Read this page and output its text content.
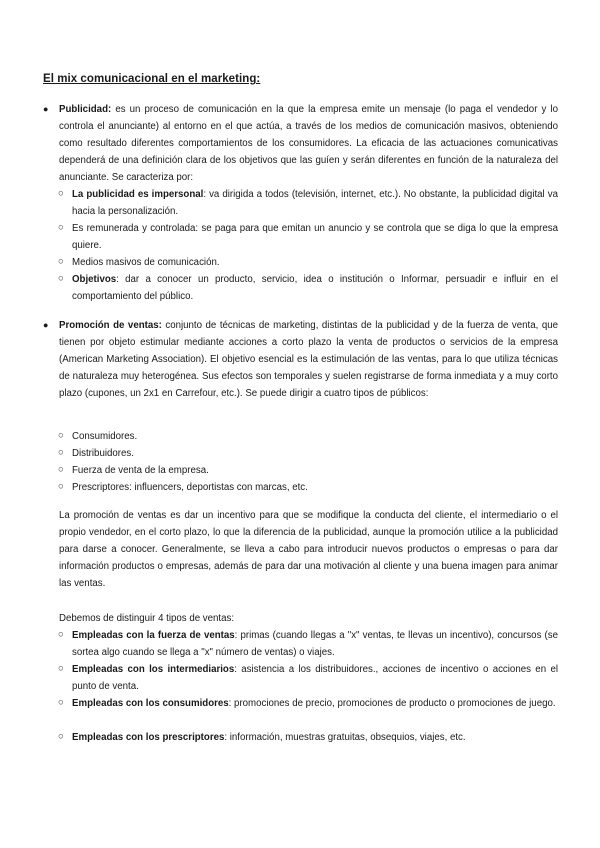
El mix comunicacional en el marketing:
● Publicidad: es un proceso de comunicación en la que la empresa emite un mensaje (lo paga el vendedor y lo controla el anunciante) al entorno en el que actúa, a través de los medios de comunicación masivos, obteniendo como resultado diferentes comportamientos de los consumidores. La eficacia de las actuaciones comunicativas dependerá de una definición clara de los objetivos que las guíen y serán diferentes en función de la naturaleza del anunciante. Se caracteriza por:
○ La publicidad es impersonal: va dirigida a todos (televisión, internet, etc.). No obstante, la publicidad digital va hacia la personalización.
○ Es remunerada y controlada: se paga para que emitan un anuncio y se controla que se diga lo que la empresa quiere.
○ Medios masivos de comunicación.
○ Objetivos: dar a conocer un producto, servicio, idea o institución o Informar, persuadir e influir en el comportamiento del público.
● Promoción de ventas: conjunto de técnicas de marketing, distintas de la publicidad y de la fuerza de venta, que tienen por objeto estimular mediante acciones a corto plazo la venta de productos o servicios de la empresa (American Marketing Association). El objetivo esencial es la estimulación de las ventas, para lo que utiliza técnicas de naturaleza muy heterogénea. Sus efectos son temporales y suelen registrarse de forma inmediata y a muy corto plazo (cupones, un 2x1 en Carrefour, etc.). Se puede dirigir a cuatro tipos de públicos:
○ Consumidores.
○ Distribuidores.
○ Fuerza de venta de la empresa.
○ Prescriptores: influencers, deportistas con marcas, etc.
La promoción de ventas es dar un incentivo para que se modifique la conducta del cliente, el intermediario o el propio vendedor, en el corto plazo, lo que la diferencia de la publicidad, aunque la promoción utilice a la publicidad para darse a conocer. Generalmente, se lleva a cabo para introducir nuevos productos o empresas o para dar información productos o empresas, además de para dar una motivación al cliente y una buena imagen para animar las ventas.
Debemos de distinguir 4 tipos de ventas:
○ Empleadas con la fuerza de ventas: primas (cuando llegas a "x" ventas, te llevas un incentivo), concursos (se sortea algo cuando se llega a "x" número de ventas) o viajes.
○ Empleadas con los intermediarios: asistencia a los distribuidores., acciones de incentivo o acciones en el punto de venta.
○ Empleadas con los consumidores: promociones de precio, promociones de producto o promociones de juego.
○ Empleadas con los prescriptores: información, muestras gratuitas, obsequios, viajes, etc.
